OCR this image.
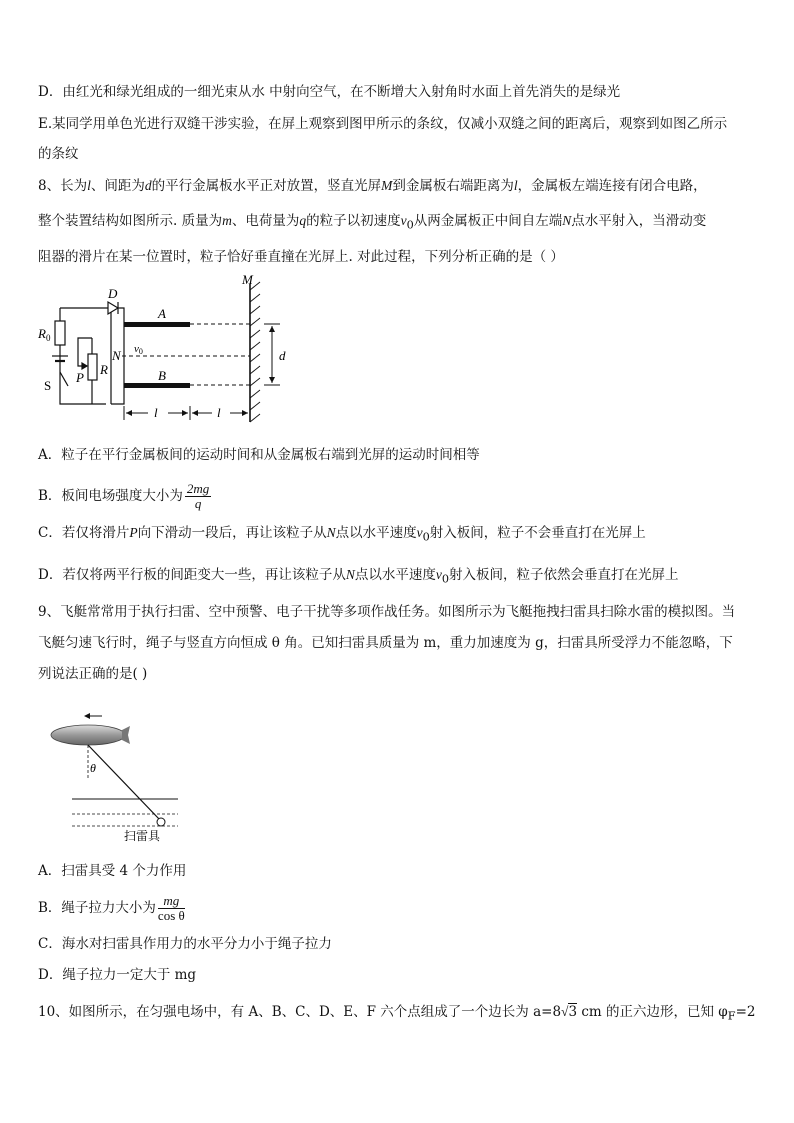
D．由红光和绿光组成的一细光束从水 中射向空气，在不断增大入射角时水面上首先消失的是绿光
E.某同学用单色光进行双缝干涉实验，在屏上观察到图甲所示的条纹，仅减小双缝之间的距离后，观察到如图乙所示
的条纹
8、长为l、间距为d的平行金属板水平正对放置，竖直光屏M到金属板右端距离为l，金属板左端连接有闭合电路，
整个装置结构如图所示. 质量为m、电荷量为q的粒子以初速度$v_0$从两金属板正中间自左端N点水平射入，当滑动变
阻器的滑片在某一位置时，粒子恰好垂直撞在光屏上. 对此过程，下列分析正确的是（ ）
D
A
B
M
$R_0$
P
R
N v0
S
d
l	l
A．粒子在平行金属板间的运动时间和从金属板右端到光屏的运动时间相等
B．板间电场强度大小为 $\frac{2mg}{q}$
C．若仅将滑片P向下滑动一段后，再让该粒子从N点以水平速度$v_0$射入板间，粒子不会垂直打在光屏上
D．若仅将两平行板的间距变大一些，再让该粒子从N点以水平速度$v_0$射入板间，粒子依然会垂直打在光屏上
9、飞艇常常用于执行扫雷、空中预警、电子干扰等多项作战任务。如图所示为飞艇拖拽扫雷具扫除水雷的模拟图。当
飞艇匀速飞行时，绳子与竖直方向恒成 θ 角。已知扫雷具质量为 m，重力加速度为 g，扫雷具所受浮力不能忽略，下
列说法正确的是( )
θ
扫雷具
A．扫雷具受 4 个力作用
B．绳子拉力大小为 $\frac{mg}{\text{cos θ}}$
C．海水对扫雷具作用力的水平分力小于绳子拉力
D．绳子拉力一定大于 mg
10、如图所示，在匀强电场中，有 A、B、C、D、E、F 六个点组成了一个边长为 a=8√3 cm 的正六边形，已知 $\varphi_F=2$
